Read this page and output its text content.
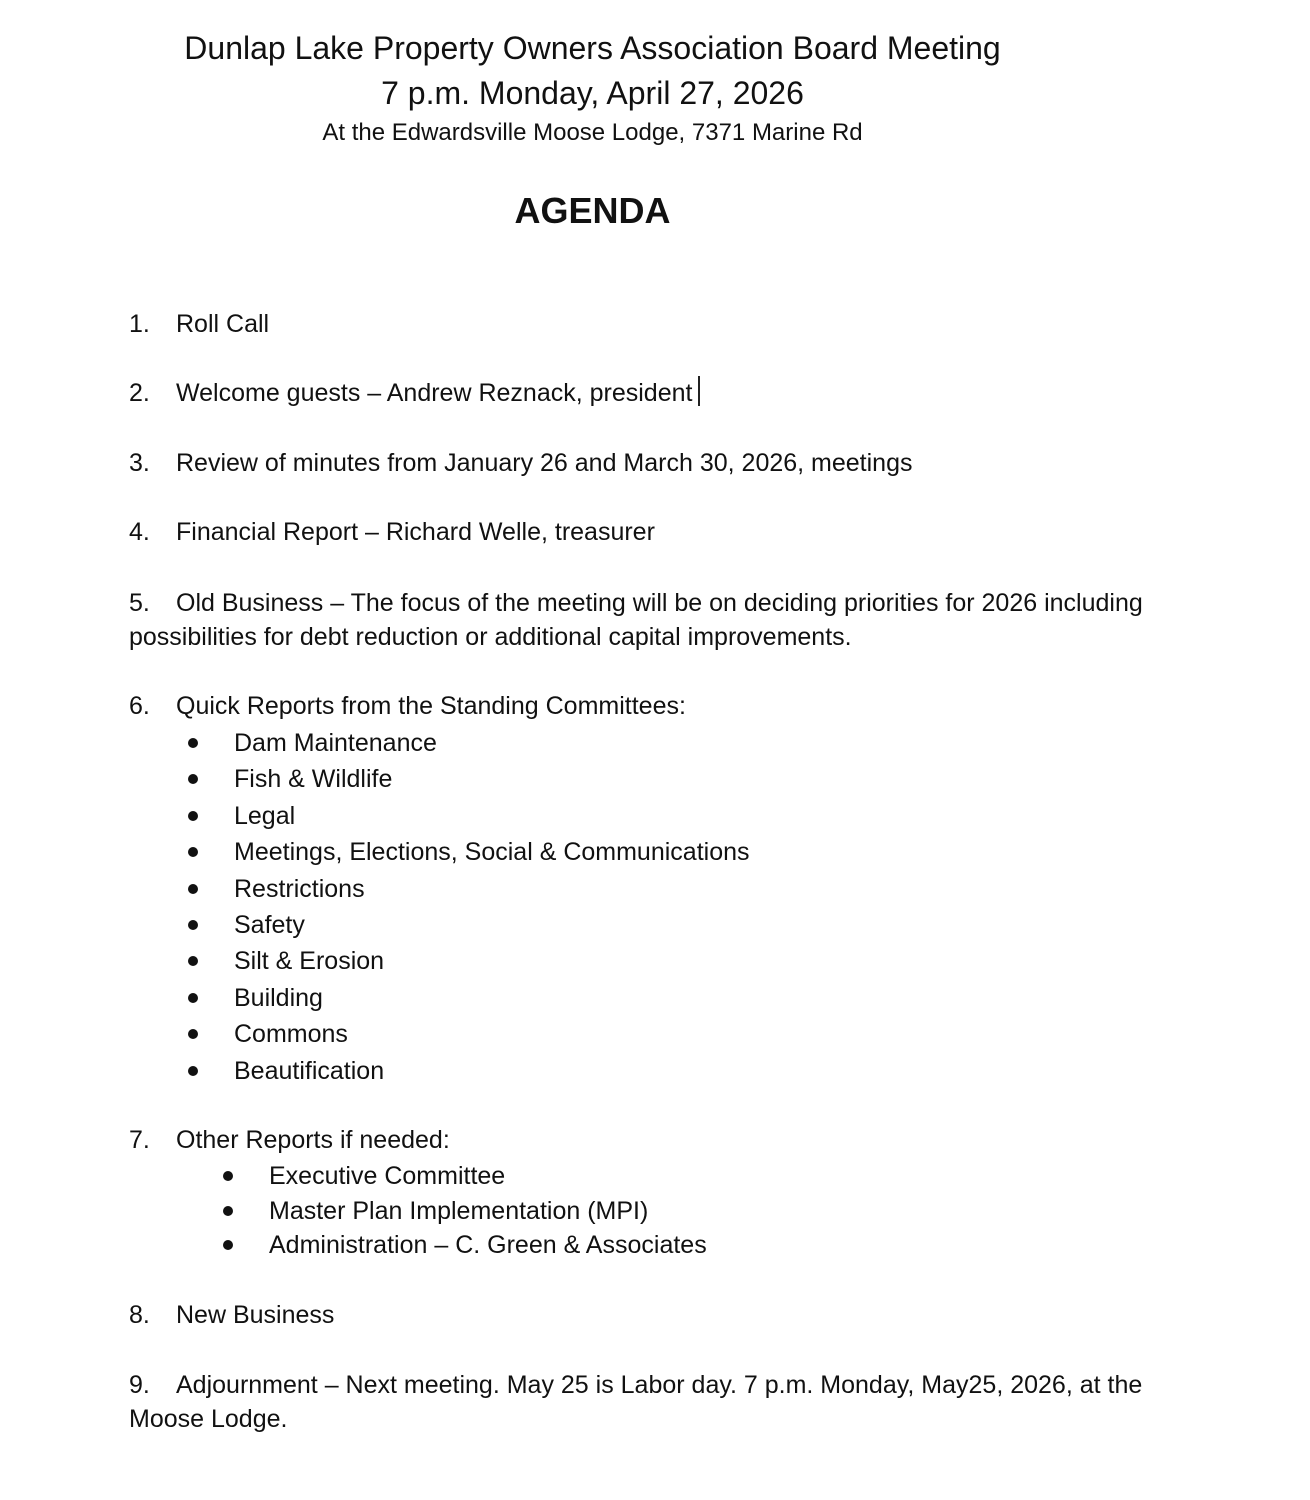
Dunlap Lake Property Owners Association Board Meeting
7 p.m. Monday, April 27, 2026
At the Edwardsville Moose Lodge, 7371 Marine Rd
AGENDA
1. Roll Call
2. Welcome guests – Andrew Reznack, president
3. Review of minutes from January 26 and March 30, 2026, meetings
4. Financial Report – Richard Welle, treasurer
5. Old Business – The focus of the meeting will be on deciding priorities for 2026 including possibilities for debt reduction or additional capital improvements.
6. Quick Reports from the Standing Committees:
Dam Maintenance
Fish & Wildlife
Legal
Meetings, Elections, Social & Communications
Restrictions
Safety
Silt & Erosion
Building
Commons
Beautification
7. Other Reports if needed:
Executive Committee
Master Plan Implementation (MPI)
Administration – C. Green & Associates
8. New Business
9. Adjournment – Next meeting. May 25 is Labor day. 7 p.m. Monday, May25, 2026, at the Moose Lodge.
